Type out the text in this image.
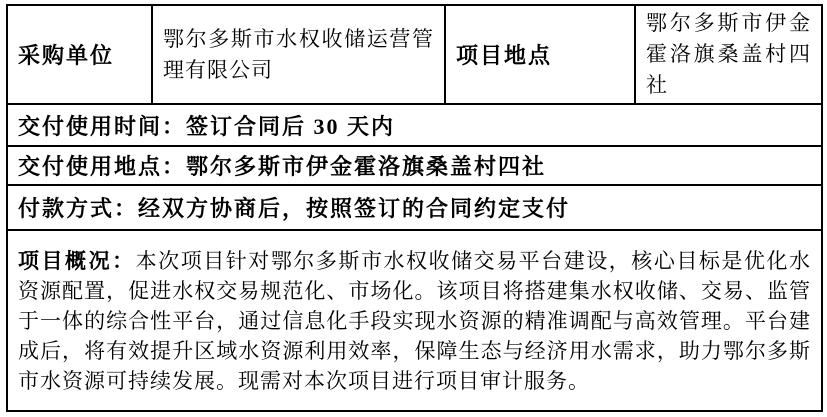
采购单位	鄂尔多斯市水权收储运营管理有限公司	项目地点	鄂尔多斯市伊金霍洛旗桑盖村四社
交付使用时间：签订合同后 30 天内
交付使用地点：鄂尔多斯市伊金霍洛旗桑盖村四社
付款方式：经双方协商后，按照签订的合同约定支付
项目概况：本次项目针对鄂尔多斯市水权收储交易平台建设，核心目标是优化水资源配置，促进水权交易规范化、市场化。该项目将搭建集水权收储、交易、监管于一体的综合性平台，通过信息化手段实现水资源的精准调配与高效管理。平台建成后，将有效提升区域水资源利用效率，保障生态与经济用水需求，助力鄂尔多斯市水资源可持续发展。现需对本次项目进行项目审计服务。
